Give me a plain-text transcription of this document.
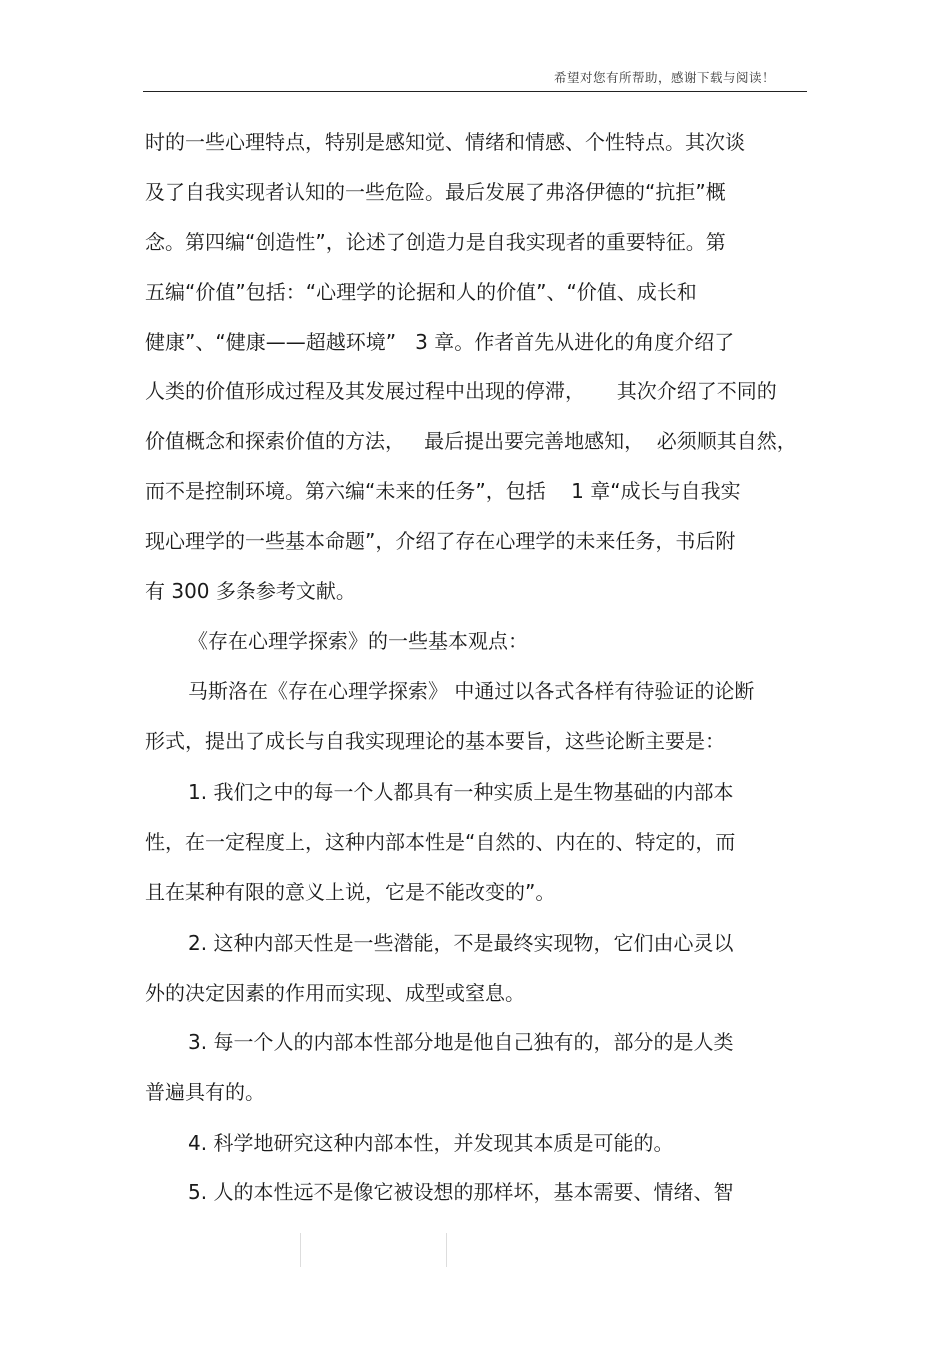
希望对您有所帮助，感谢下载与阅读！
时的一些心理特点，特别是感知觉、情绪和情感、个性特点。其次谈
及了自我实现者认知的一些危险。最后发展了弗洛伊德的“抗拒”概
念。第四编“创造性”，论述了创造力是自我实现者的重要特征。第
五编“价值”包括：“心理学的论据和人的价值”、“价值、成长和
健康”、“健康——超越环境”   3 章。作者首先从进化的角度介绍了
人类的价值形成过程及其发展过程中出现的停滞，     其次介绍了不同的
价值概念和探索价值的方法，   最后提出要完善地感知，  必须顺其自然，
而不是控制环境。第六编“未来的任务”，包括    1 章“成长与自我实
现心理学的一些基本命题”，介绍了存在心理学的未来任务，书后附
有 300 多条参考文献。
《存在心理学探索》的一些基本观点：
马斯洛在《存在心理学探索》 中通过以各式各样有待验证的论断
形式，提出了成长与自我实现理论的基本要旨，这些论断主要是：
1. 我们之中的每一个人都具有一种实质上是生物基础的内部本
性，在一定程度上，这种内部本性是“自然的、内在的、特定的，而
且在某种有限的意义上说，它是不能改变的”。
2. 这种内部天性是一些潜能，不是最终实现物，它们由心灵以
外的决定因素的作用而实现、成型或窒息。
3. 每一个人的内部本性部分地是他自己独有的，部分的是人类
普遍具有的。
4. 科学地研究这种内部本性，并发现其本质是可能的。
5. 人的本性远不是像它被设想的那样坏，基本需要、情绪、智
